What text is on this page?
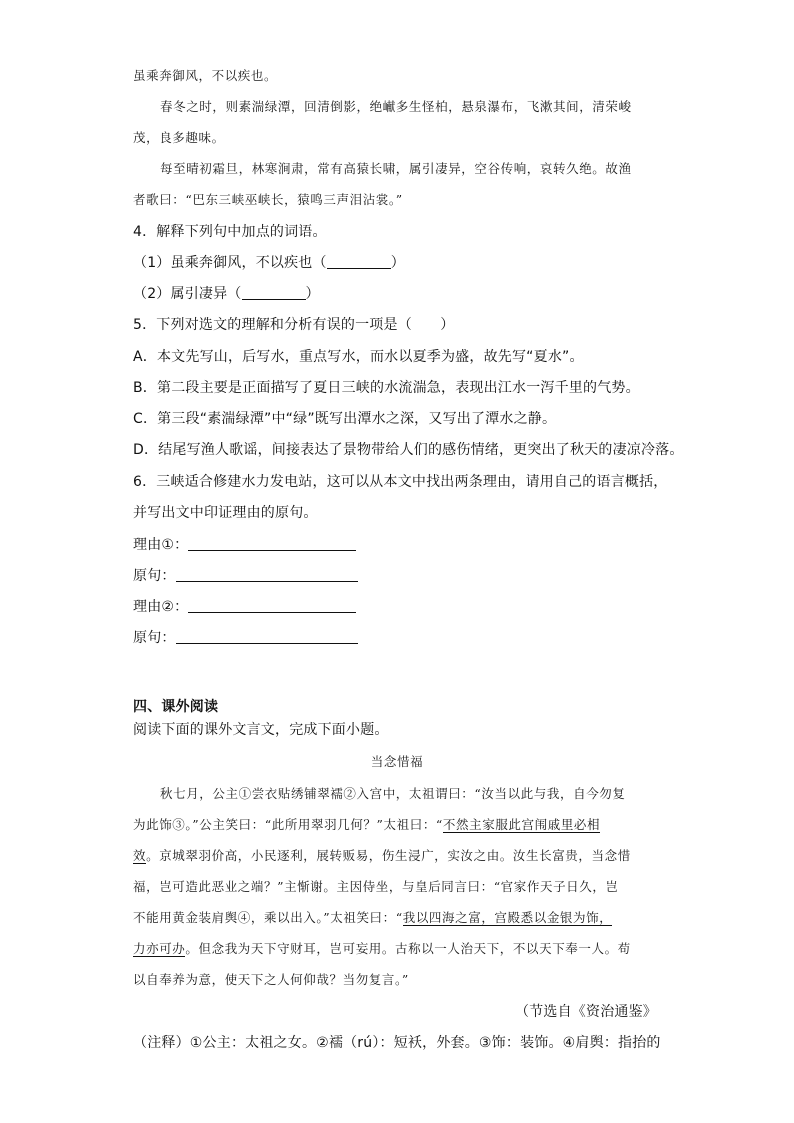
虽乘奔御风，不以疾也。
春冬之时，则素湍绿潭，回清倒影，绝𪩘多生怪柏，悬泉瀑布，飞漱其间，清荣峻
茂，良多趣味。
每至晴初霜旦，林寒涧肃，常有高猿长啸，属引凄异，空谷传响，哀转久绝。故渔
者歌曰：“巴东三峡巫峡长，猿鸣三声泪沾裳。”
4．解释下列句中加点的词语。
（1）虽乘奔御风，不以疾也（	）
（2）属引凄异（	）
5．下列对选文的理解和分析有误的一项是（　　）
A．本文先写山，后写水，重点写水，而水以夏季为盛，故先写“夏水”。
B．第二段主要是正面描写了夏日三峡的水流湍急，表现出江水一泻千里的气势。
C．第三段“素湍绿潭”中“绿”既写出潭水之深，又写出了潭水之静。
D．结尾写渔人歌谣，间接表达了景物带给人们的感伤情绪，更突出了秋天的凄凉冷落。
6．三峡适合修建水力发电站，这可以从本文中找出两条理由，请用自己的语言概括，
并写出文中印证理由的原句。
理由①：
原句：
理由②：
原句：
四、课外阅读
阅读下面的课外文言文，完成下面小题。
当念惜福
秋七月，公主①尝衣贴绣铺翠襦②入宫中，太祖谓曰：“汝当以此与我，自今勿复
为此饰③。”公主笑曰：“此所用翠羽几何？”太祖曰：“不然主家服此宫闱戚里必相
效。京城翠羽价高，小民逐利，展转贩易，伤生浸广，实汝之由。汝生长富贵，当念惜
福，岂可造此恶业之端？”主惭谢。主因侍坐，与皇后同言曰：“官家作天子日久，岂
不能用黄金装肩舆④，乘以出入。”太祖笑曰：“我以四海之富，宫殿悉以金银为饰，
力亦可办。但念我为天下守财耳，岂可妄用。古称以一人治天下，不以天下奉一人。苟
以自奉养为意，使天下之人何仰哉？当勿复言。”
（节选自《资治通鉴》
（注释）①公主：太祖之女。②襦（rú）：短袄，外套。③饰：装饰。④肩舆：指抬的
